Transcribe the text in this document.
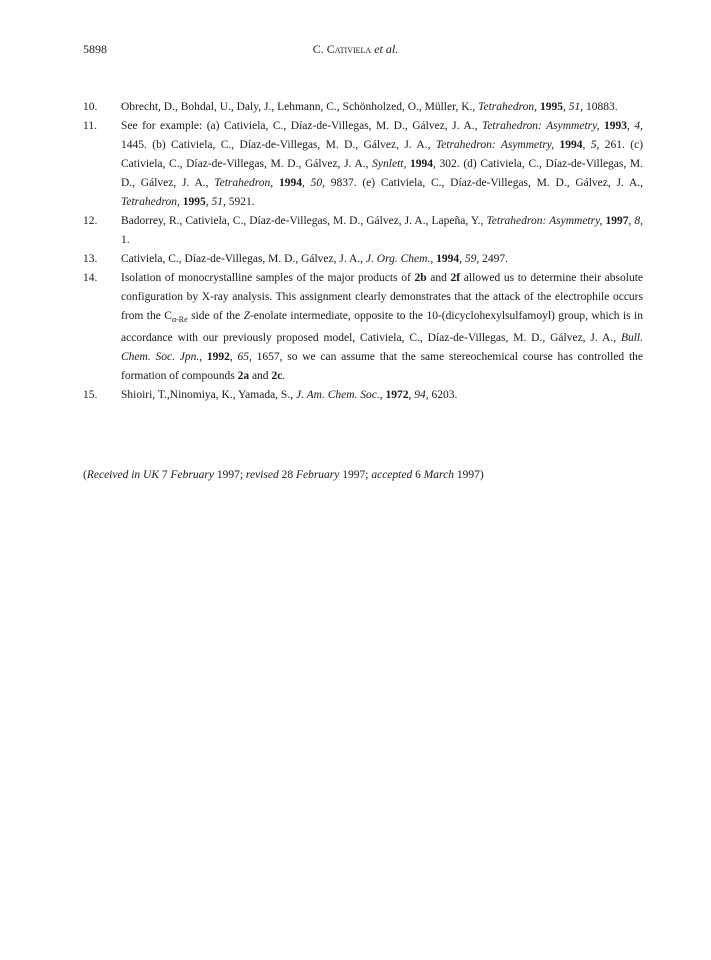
5898	C. Cativiela et al.
10.	Obrecht, D., Bohdal, U., Daly, J., Lehmann, C., Schönholzed, O., Müller, K., Tetrahedron, 1995, 51, 10883.
11.	See for example: (a) Cativiela, C., Díaz-de-Villegas, M. D., Gálvez, J. A., Tetrahedron: Asymmetry, 1993, 4, 1445. (b) Cativiela, C., Díaz-de-Villegas, M. D., Gálvez, J. A., Tetrahedron: Asymmetry, 1994, 5, 261. (c) Cativiela, C., Díaz-de-Villegas, M. D., Gálvez, J. A., Synlett, 1994, 302. (d) Cativiela, C., Díaz-de-Villegas, M. D., Gálvez, J. A., Tetrahedron, 1994, 50, 9837. (e) Cativiela, C., Díaz-de-Villegas, M. D., Gálvez, J. A., Tetrahedron, 1995, 51, 5921.
12.	Badorrey, R., Cativiela, C., Díaz-de-Villegas, M. D., Gálvez, J. A., Lapeña, Y., Tetrahedron: Asymmetry, 1997, 8, 1.
13.	Cativiela, C., Díaz-de-Villegas, M. D., Gálvez, J. A., J. Org. Chem., 1994, 59, 2497.
14.	Isolation of monocrystalline samples of the major products of 2b and 2f allowed us to determine their absolute configuration by X-ray analysis. This assignment clearly demonstrates that the attack of the electrophile occurs from the $C_{\alpha-Re}$ side of the Z-enolate intermediate, opposite to the 10-(dicyclohexylsulfamoyl) group, which is in accordance with our previously proposed model, Cativiela, C., Díaz-de-Villegas, M. D., Gálvez, J. A., Bull. Chem. Soc. Jpn., 1992, 65, 1657, so we can assume that the same stereochemical course has controlled the formation of compounds 2a and 2c.
15.	Shioiri, T.,Ninomiya, K., Yamada, S., J. Am. Chem. Soc., 1972, 94, 6203.
(Received in UK 7 February 1997; revised 28 February 1997; accepted 6 March 1997)
